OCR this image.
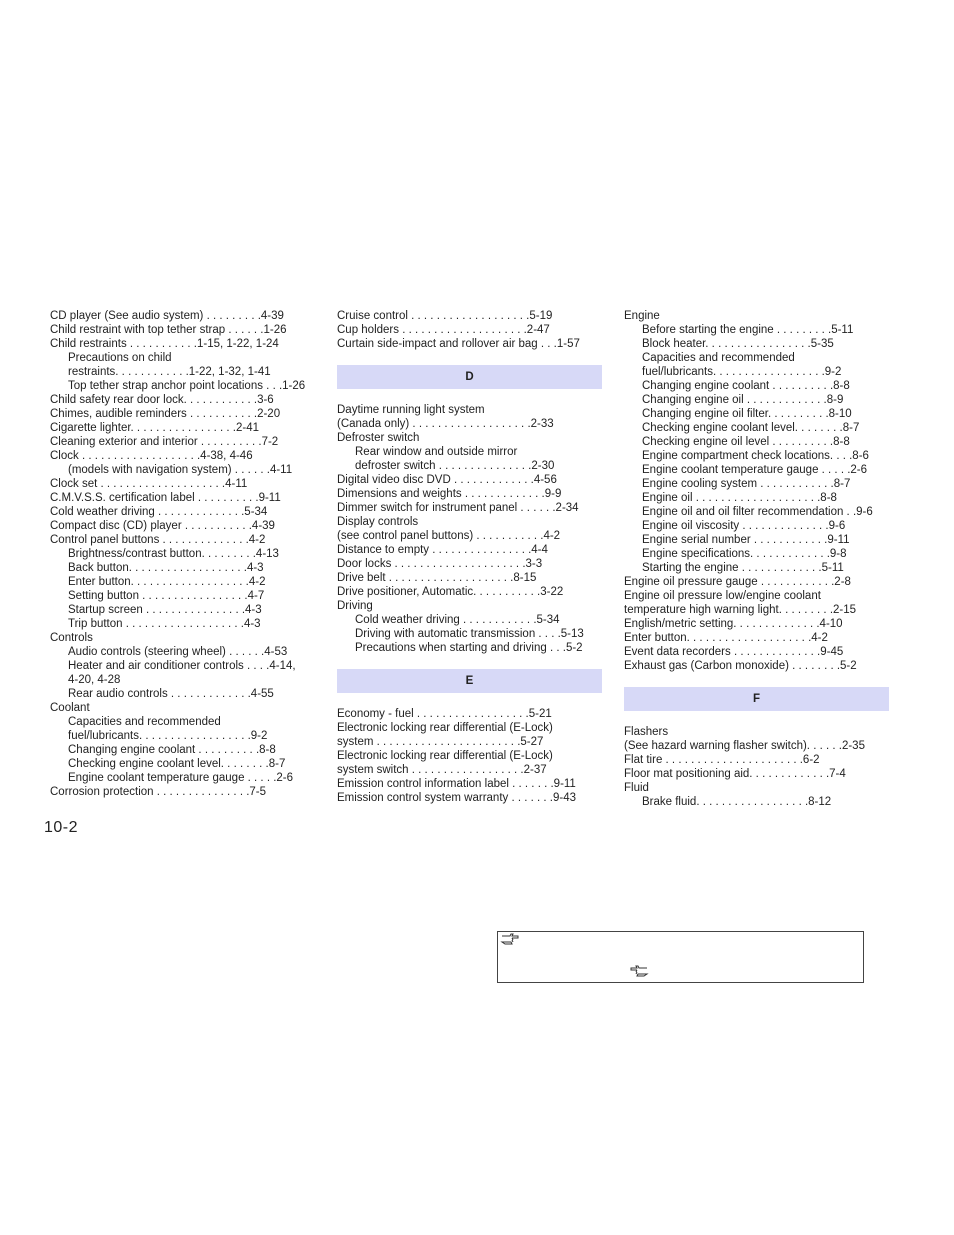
CD player (See audio system) . . . . . . . . .4-39
Child restraint with top tether strap . . . . . .1-26
Child restraints . . . . . . . . . . .1-15, 1-22, 1-24
Precautions on child
restraints. . . . . . . . . . . .1-22, 1-32, 1-41
Top tether strap anchor point locations . . .1-26
Child safety rear door lock. . . . . . . . . . . .3-6
Chimes, audible reminders . . . . . . . . . . .2-20
Cigarette lighter. . . . . . . . . . . . . . . . .2-41
Cleaning exterior and interior . . . . . . . . . .7-2
Clock . . . . . . . . . . . . . . . . . . .4-38, 4-46
(models with navigation system) . . . . . .4-11
Clock set . . . . . . . . . . . . . . . . . . . .4-11
C.M.V.S.S. certification label . . . . . . . . . .9-11
Cold weather driving . . . . . . . . . . . . . .5-34
Compact disc (CD) player . . . . . . . . . . .4-39
Control panel buttons . . . . . . . . . . . . . .4-2
Brightness/contrast button. . . . . . . . .4-13
Back button. . . . . . . . . . . . . . . . . . .4-3
Enter button. . . . . . . . . . . . . . . . . . .4-2
Setting button . . . . . . . . . . . . . . . . .4-7
Startup screen . . . . . . . . . . . . . . . .4-3
Trip button . . . . . . . . . . . . . . . . . . .4-3
Controls
Audio controls (steering wheel) . . . . . .4-53
Heater and air conditioner controls . . . .4-14,
4-20, 4-28
Rear audio controls . . . . . . . . . . . . .4-55
Coolant
Capacities and recommended
fuel/lubricants. . . . . . . . . . . . . . . . . .9-2
Changing engine coolant . . . . . . . . . .8-8
Checking engine coolant level. . . . . . . .8-7
Engine coolant temperature gauge . . . . .2-6
Corrosion protection . . . . . . . . . . . . . . .7-5
Cruise control . . . . . . . . . . . . . . . . . . .5-19
Cup holders . . . . . . . . . . . . . . . . . . . .2-47
Curtain side-impact and rollover air bag . . .1-57
D
Daytime running light system
(Canada only) . . . . . . . . . . . . . . . . . . .2-33
Defroster switch
Rear window and outside mirror
defroster switch . . . . . . . . . . . . . . .2-30
Digital video disc DVD . . . . . . . . . . . . .4-56
Dimensions and weights . . . . . . . . . . . . .9-9
Dimmer switch for instrument panel . . . . . .2-34
Display controls
(see control panel buttons) . . . . . . . . . . .4-2
Distance to empty . . . . . . . . . . . . . . . .4-4
Door locks . . . . . . . . . . . . . . . . . . . . .3-3
Drive belt . . . . . . . . . . . . . . . . . . . .8-15
Drive positioner, Automatic. . . . . . . . . . .3-22
Driving
Cold weather driving . . . . . . . . . . . .5-34
Driving with automatic transmission . . . .5-13
Precautions when starting and driving . . .5-2
E
Economy - fuel . . . . . . . . . . . . . . . . . .5-21
Electronic locking rear differential (E-Lock)
system . . . . . . . . . . . . . . . . . . . . . . .5-27
Electronic locking rear differential (E-Lock)
system switch . . . . . . . . . . . . . . . . . .2-37
Emission control information label . . . . . . .9-11
Emission control system warranty . . . . . . .9-43
Engine
Before starting the engine . . . . . . . . .5-11
Block heater. . . . . . . . . . . . . . . . .5-35
Capacities and recommended
fuel/lubricants. . . . . . . . . . . . . . . . . .9-2
Changing engine coolant . . . . . . . . . .8-8
Changing engine oil . . . . . . . . . . . . .8-9
Changing engine oil filter. . . . . . . . . .8-10
Checking engine coolant level. . . . . . . .8-7
Checking engine oil level . . . . . . . . . .8-8
Engine compartment check locations. . . .8-6
Engine coolant temperature gauge . . . . .2-6
Engine cooling system . . . . . . . . . . . .8-7
Engine oil . . . . . . . . . . . . . . . . . . . .8-8
Engine oil and oil filter recommendation . .9-6
Engine oil viscosity . . . . . . . . . . . . . .9-6
Engine serial number . . . . . . . . . . . .9-11
Engine specifications. . . . . . . . . . . . .9-8
Starting the engine . . . . . . . . . . . . .5-11
Engine oil pressure gauge . . . . . . . . . . . .2-8
Engine oil pressure low/engine coolant
temperature high warning light. . . . . . . . .2-15
English/metric setting. . . . . . . . . . . . . .4-10
Enter button. . . . . . . . . . . . . . . . . . . .4-2
Event data recorders . . . . . . . . . . . . . .9-45
Exhaust gas (Carbon monoxide) . . . . . . . .5-2
F
Flashers
(See hazard warning flasher switch). . . . . .2-35
Flat tire . . . . . . . . . . . . . . . . . . . . . .6-2
Floor mat positioning aid. . . . . . . . . . . . .7-4
Fluid
Brake fluid. . . . . . . . . . . . . . . . . .8-12
10-2
